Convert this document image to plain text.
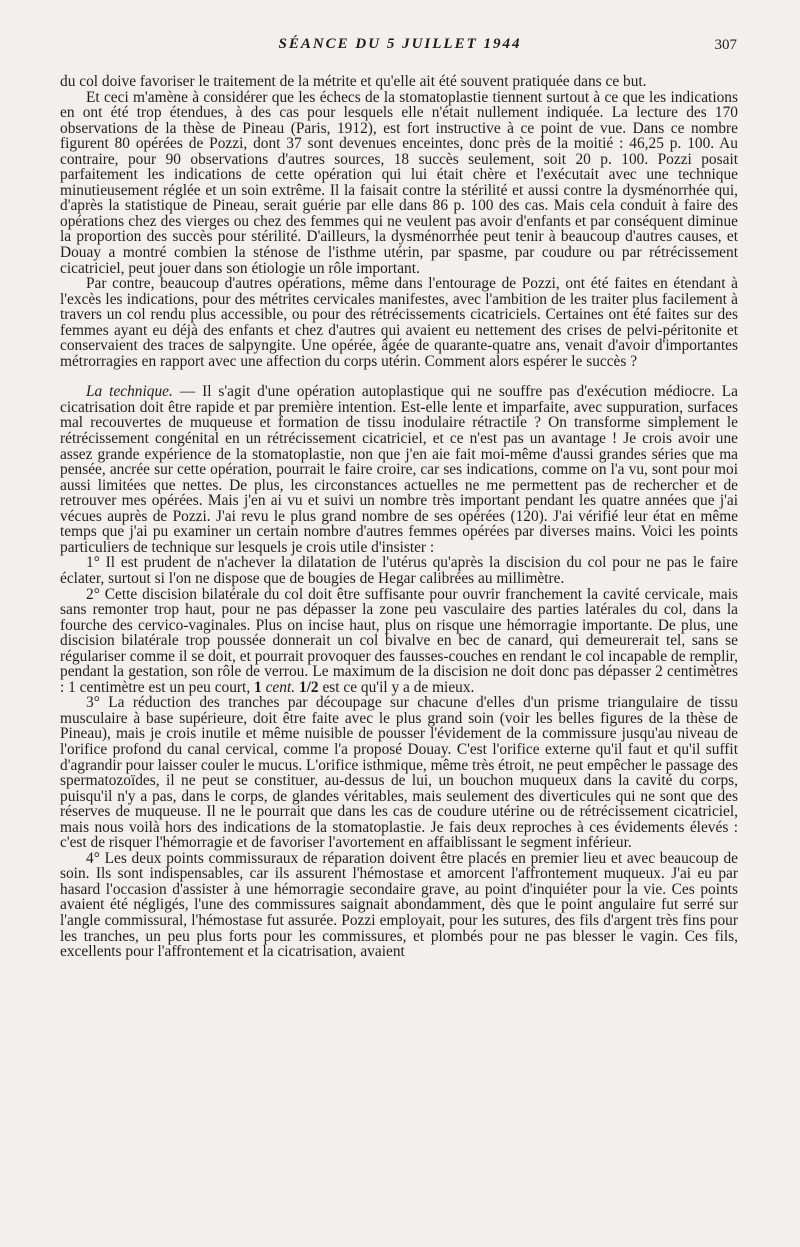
SÉANCE DU 5 JUILLET 1944	307

du col doive favoriser le traitement de la métrite et qu'elle ait été souvent pratiquée dans ce but.

Et ceci m'amène à considérer que les échecs de la stomatoplastie tiennent surtout à ce que les indications en ont été trop étendues, à des cas pour lesquels elle n'était nullement indiquée. La lecture des 170 observations de la thèse de Pineau (Paris, 1912), est fort instructive à ce point de vue. Dans ce nombre figurent 80 opérées de Pozzi, dont 37 sont devenues enceintes, donc près de la moitié : 46,25 p. 100. Au contraire, pour 90 observations d'autres sources, 18 succès seulement, soit 20 p. 100. Pozzi posait parfaitement les indications de cette opération qui lui était chère et l'exécutait avec une technique minutieusement réglée et un soin extrême. Il la faisait contre la stérilité et aussi contre la dysménorrhée qui, d'après la statistique de Pineau, serait guérie par elle dans 86 p. 100 des cas. Mais cela conduit à faire des opérations chez des vierges ou chez des femmes qui ne veulent pas avoir d'enfants et par conséquent diminue la proportion des succès pour stérilité. D'ailleurs, la dysménorrhée peut tenir à beaucoup d'autres causes, et Douay a montré combien la sténose de l'isthme utérin, par spasme, par coudure ou par rétrécissement cicatriciel, peut jouer dans son étiologie un rôle important.

Par contre, beaucoup d'autres opérations, même dans l'entourage de Pozzi, ont été faites en étendant à l'excès les indications, pour des métrites cervicales manifestes, avec l'ambition de les traiter plus facilement à travers un col rendu plus accessible, ou pour des rétrécissements cicatriciels. Certaines ont été faites sur des femmes ayant eu déjà des enfants et chez d'autres qui avaient eu nettement des crises de pelvi-péritonite et conservaient des traces de salpyngite. Une opérée, âgée de quarante-quatre ans, venait d'avoir d'importantes métrorragies en rapport avec une affection du corps utérin. Comment alors espérer le succès ?

La technique. — Il s'agit d'une opération autoplastique qui ne souffre pas d'exécution médiocre. La cicatrisation doit être rapide et par première intention. Est-elle lente et imparfaite, avec suppuration, surfaces mal recouvertes de muqueuse et formation de tissu inodulaire rétractile ? On transforme simplement le rétrécissement congénital en un rétrécissement cicatriciel, et ce n'est pas un avantage ! Je crois avoir une assez grande expérience de la stomatoplastie, non que j'en aie fait moi-même d'aussi grandes séries que ma pensée, ancrée sur cette opération, pourrait le faire croire, car ses indications, comme on l'a vu, sont pour moi aussi limitées que nettes. De plus, les circonstances actuelles ne me permettent pas de rechercher et de retrouver mes opérées. Mais j'en ai vu et suivi un nombre très important pendant les quatre années que j'ai vécues auprès de Pozzi. J'ai revu le plus grand nombre de ses opérées (120). J'ai vérifié leur état en même temps que j'ai pu examiner un certain nombre d'autres femmes opérées par diverses mains. Voici les points particuliers de technique sur lesquels je crois utile d'insister :

1° Il est prudent de n'achever la dilatation de l'utérus qu'après la discision du col pour ne pas le faire éclater, surtout si l'on ne dispose que de bougies de Hegar calibrées au millimètre.

2° Cette discision bilatérale du col doit être suffisante pour ouvrir franchement la cavité cervicale, mais sans remonter trop haut, pour ne pas dépasser la zone peu vasculaire des parties latérales du col, dans la fourche des cervico-vaginales. Plus on incise haut, plus on risque une hémorragie importante. De plus, une discision bilatérale trop poussée donnerait un col bivalve en bec de canard, qui demeurerait tel, sans se régulariser comme il se doit, et pourrait provoquer des fausses-couches en rendant le col incapable de remplir, pendant la gestation, son rôle de verrou. Le maximum de la discision ne doit donc pas dépasser 2 centimètres : 1 centimètre est un peu court, 1 cent. 1/2 est ce qu'il y a de mieux.

3° La réduction des tranches par découpage sur chacune d'elles d'un prisme triangulaire de tissu musculaire à base supérieure, doit être faite avec le plus grand soin (voir les belles figures de la thèse de Pineau), mais je crois inutile et même nuisible de pousser l'évidement de la commissure jusqu'au niveau de l'orifice profond du canal cervical, comme l'a proposé Douay. C'est l'orifice externe qu'il faut et qu'il suffit d'agrandir pour laisser couler le mucus. L'orifice isthmique, même très étroit, ne peut empêcher le passage des spermatozoïdes, il ne peut se constituer, au-dessus de lui, un bouchon muqueux dans la cavité du corps, puisqu'il n'y a pas, dans le corps, de glandes véritables, mais seulement des diverticules qui ne sont que des réserves de muqueuse. Il ne le pourrait que dans les cas de coudure utérine ou de rétrécissement cicatriciel, mais nous voilà hors des indications de la stomatoplastie. Je fais deux reproches à ces évidements élevés : c'est de risquer l'hémorragie et de favoriser l'avortement en affaiblissant le segment inférieur.

4° Les deux points commissuraux de réparation doivent être placés en premier lieu et avec beaucoup de soin. Ils sont indispensables, car ils assurent l'hémostase et amorcent l'affrontement muqueux. J'ai eu par hasard l'occasion d'assister à une hémorragie secondaire grave, au point d'inquiéter pour la vie. Ces points avaient été négligés, l'une des commissures saignait abondamment, dès que le point angulaire fut serré sur l'angle commissural, l'hémostase fut assurée. Pozzi employait, pour les sutures, des fils d'argent très fins pour les tranches, un peu plus forts pour les commissures, et plombés pour ne pas blesser le vagin. Ces fils, excellents pour l'affrontement et la cicatrisation, avaient
